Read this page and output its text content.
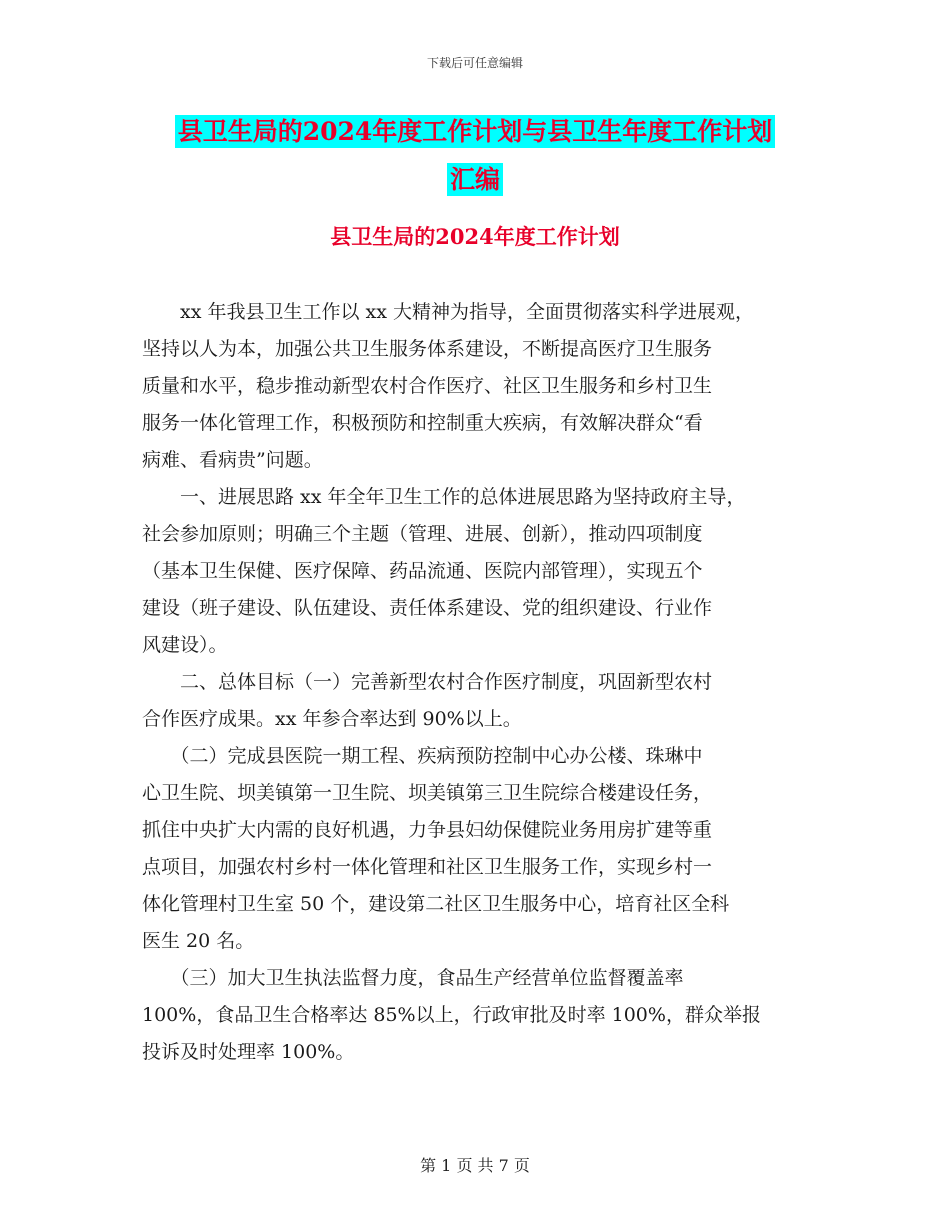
下载后可任意编辑
县卫生局的2024年度工作计划与县卫生年度工作计划
汇编
县卫生局的2024年度工作计划
　　xx 年我县卫生工作以 xx 大精神为指导，全面贯彻落实科学进展观，
坚持以人为本，加强公共卫生服务体系建设，不断提高医疗卫生服务
质量和水平，稳步推动新型农村合作医疗、社区卫生服务和乡村卫生
服务一体化管理工作，积极预防和控制重大疾病，有效解决群众“看
病难、看病贵”问题。
　　一、进展思路 xx 年全年卫生工作的总体进展思路为坚持政府主导，
社会参加原则；明确三个主题（管理、进展、创新），推动四项制度
（基本卫生保健、医疗保障、药品流通、医院内部管理），实现五个
建设（班子建设、队伍建设、责任体系建设、党的组织建设、行业作
风建设）。
　　二、总体目标（一）完善新型农村合作医疗制度，巩固新型农村
合作医疗成果。xx 年参合率达到 90%以上。
　　（二）完成县医院一期工程、疾病预防控制中心办公楼、珠琳中
心卫生院、坝美镇第一卫生院、坝美镇第三卫生院综合楼建设任务，
抓住中央扩大内需的良好机遇，力争县妇幼保健院业务用房扩建等重
点项目，加强农村乡村一体化管理和社区卫生服务工作，实现乡村一
体化管理村卫生室 50 个，建设第二社区卫生服务中心，培育社区全科
医生 20 名。
　　（三）加大卫生执法监督力度，食品生产经营单位监督覆盖率
100%，食品卫生合格率达 85%以上，行政审批及时率 100%，群众举报
投诉及时处理率 100%。
第 1 页 共 7 页
